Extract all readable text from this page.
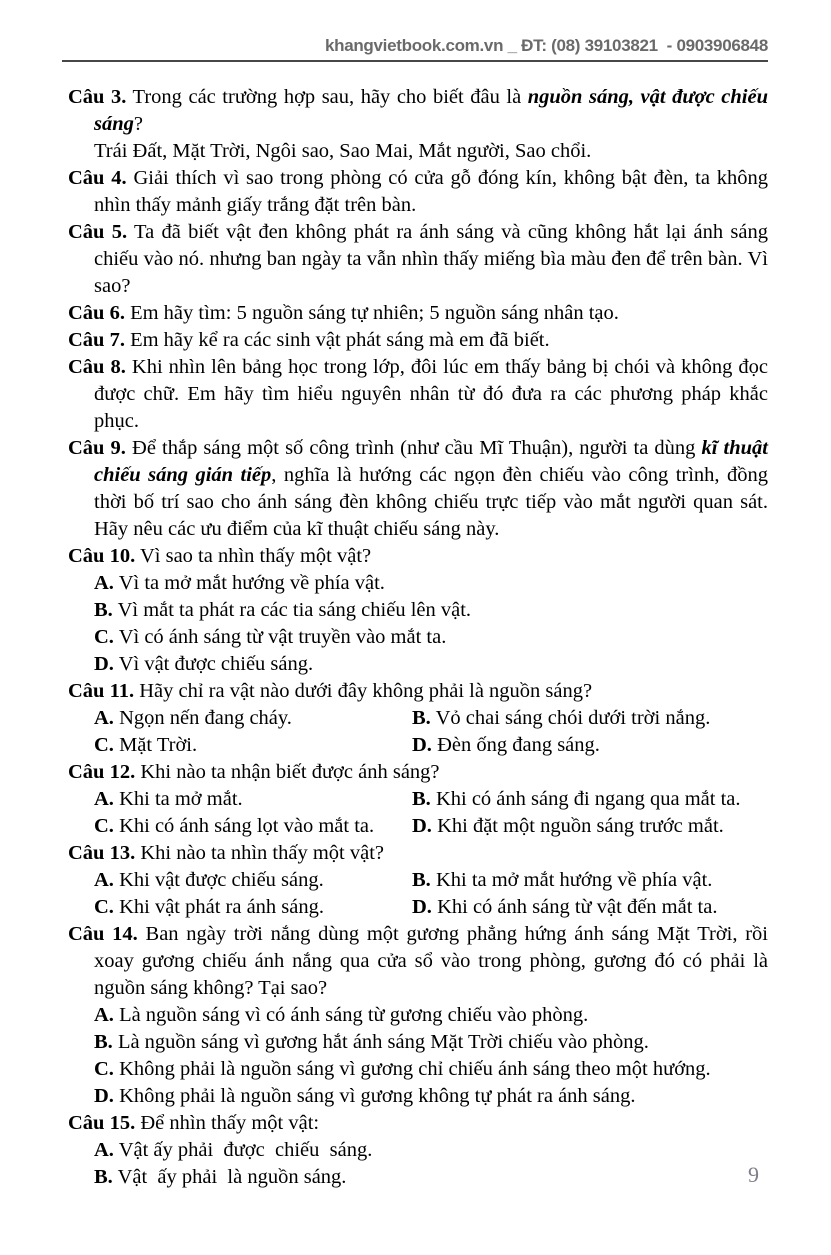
khangvietbook.com.vn _ ĐT: (08) 39103821  - 0903906848
Câu 3. Trong các trường hợp sau, hãy cho biết đâu là nguồn sáng, vật được chiếu sáng?
Trái Đất, Mặt Trời, Ngôi sao, Sao Mai, Mắt người, Sao chổi.
Câu 4. Giải thích vì sao trong phòng có cửa gỗ đóng kín, không bật đèn, ta không nhìn thấy mảnh giấy trắng đặt trên bàn.
Câu 5. Ta đã biết vật đen không phát ra ánh sáng và cũng không hắt lại ánh sáng chiếu vào nó. nhưng ban ngày ta vẫn nhìn thấy miếng bìa màu đen để trên bàn. Vì sao?
Câu 6. Em hãy tìm: 5 nguồn sáng tự nhiên; 5 nguồn sáng nhân tạo.
Câu 7. Em hãy kể ra các sinh vật phát sáng mà em đã biết.
Câu 8. Khi nhìn lên bảng học trong lớp, đôi lúc em thấy bảng bị chói và không đọc được chữ. Em hãy tìm hiểu nguyên nhân từ đó đưa ra các phương pháp khắc phục.
Câu 9. Để thắp sáng một số công trình (như cầu Mĩ Thuận), người ta dùng kĩ thuật chiếu sáng gián tiếp, nghĩa là hướng các ngọn đèn chiếu vào công trình, đồng thời bố trí sao cho ánh sáng đèn không chiếu trực tiếp vào mắt người quan sát. Hãy nêu các ưu điểm của kĩ thuật chiếu sáng này.
Câu 10. Vì sao ta nhìn thấy một vật?
A. Vì ta mở mắt hướng về phía vật.
B. Vì mắt ta phát ra các tia sáng chiếu lên vật.
C. Vì có ánh sáng từ vật truyền vào mắt ta.
D. Vì vật được chiếu sáng.
Câu 11. Hãy chỉ ra vật nào dưới đây không phải là nguồn sáng?
A. Ngọn nến đang cháy.	B. Vỏ chai sáng chói dưới trời nắng.
C. Mặt Trời.	D. Đèn ống đang sáng.
Câu 12. Khi nào ta nhận biết được ánh sáng?
A. Khi ta mở mắt.	B. Khi có ánh sáng đi ngang qua mắt ta.
C. Khi có ánh sáng lọt vào mắt ta.	D. Khi đặt một nguồn sáng trước mắt.
Câu 13. Khi nào ta nhìn thấy một vật?
A. Khi vật được chiếu sáng.	B. Khi ta mở mắt hướng về phía vật.
C. Khi vật phát ra ánh sáng.	D. Khi có ánh sáng từ vật đến mắt ta.
Câu 14. Ban ngày trời nắng dùng một gương phẳng hứng ánh sáng Mặt Trời, rồi xoay gương chiếu ánh nắng qua cửa sổ vào trong phòng, gương đó có phải là nguồn sáng không? Tại sao?
A. Là nguồn sáng vì có ánh sáng từ gương chiếu vào phòng.
B. Là nguồn sáng vì gương hắt ánh sáng Mặt Trời chiếu vào phòng.
C. Không phải là nguồn sáng vì gương chỉ chiếu ánh sáng theo một hướng.
D. Không phải là nguồn sáng vì gương không tự phát ra ánh sáng.
Câu 15. Để nhìn thấy một vật:
A. Vật ấy phải  được  chiếu  sáng.
B. Vật  ấy phải  là nguồn sáng.	9
